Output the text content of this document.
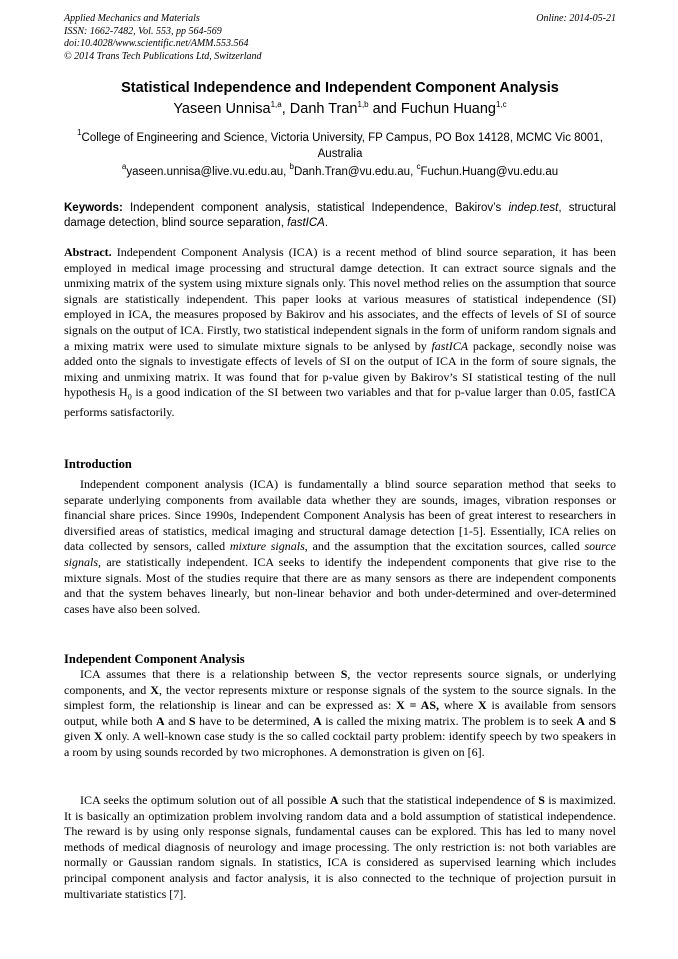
Applied Mechanics and Materials
ISSN: 1662-7482, Vol. 553, pp 564-569
doi:10.4028/www.scientific.net/AMM.553.564
© 2014 Trans Tech Publications Ltd, Switzerland
Online: 2014-05-21
Statistical Independence and Independent Component Analysis
Yaseen Unnisa$^{1,a}$, Danh Tran$^{1,b}$ and Fuchun Huang$^{1,c}$
$^1$College of Engineering and Science, Victoria University, FP Campus, PO Box 14128, MCMC Vic 8001, Australia
$^a$yaseen.unnisa@live.vu.edu.au, $^b$Danh.Tran@vu.edu.au, $^c$Fuchun.Huang@vu.edu.au
Keywords: Independent component analysis, statistical Independence, Bakirov’s indep.test, structural damage detection, blind source separation, fastICA.

Abstract. Independent Component Analysis (ICA) is a recent method of blind source separation, it has been employed in medical image processing and structural damge detection. It can extract source signals and the unmixing matrix of the system using mixture signals only. This novel method relies on the assumption that source signals are statistically independent. This paper looks at various measures of statistical independence (SI) employed in ICA, the measures proposed by Bakirov and his associates, and the effects of levels of SI of source signals on the output of ICA. Firstly, two statistical independent signals in the form of uniform random signals and a mixing matrix were used to simulate mixture signals to be anlysed by fastICA package, secondly noise was added onto the signals to investigate effects of levels of SI on the output of ICA in the form of soure signals, the mixing and unmixing matrix. It was found that for p-value given by Bakirov’s SI statistical testing of the null hypothesis $H_0$ is a good indication of the SI between two variables and that for p-value larger than 0.05, fastICA performs satisfactorily.

Introduction

Independent component analysis (ICA) is fundamentally a blind source separation method that seeks to separate underlying components from available data whether they are sounds, images, vibration responses or financial share prices. Since 1990s, Independent Component Analysis has been of great interest to researchers in diversified areas of statistics, medical imaging and structural damage detection [1-5]. Essentially, ICA relies on data collected by sensors, called mixture signals, and the assumption that the excitation sources, called source signals, are statistically independent. ICA seeks to identify the independent components that give rise to the mixture signals. Most of the studies require that there are as many sensors as there are independent components and that the system behaves linearly, but non-linear behavior and both under-determined and over-determined cases have also been solved.

Independent Component Analysis

ICA assumes that there is a relationship between S, the vector represents source signals, or underlying components, and X, the vector represents mixture or response signals of the system to the source signals. In the simplest form, the relationship is linear and can be expressed as: X = AS, where X is available from sensors output, while both A and S have to be determined, A is called the mixing matrix. The problem is to seek A and S given X only. A well-known case study is the so called cocktail party problem: identify speech by two speakers in a room by using sounds recorded by two microphones. A demonstration is given on [6].

ICA seeks the optimum solution out of all possible A such that the statistical independence of S is maximized. It is basically an optimization problem involving random data and a bold assumption of statistical independence. The reward is by using only response signals, fundamental causes can be explored. This has led to many novel methods of medical diagnosis of neurology and image processing. The only restriction is: not both variables are normally or Gaussian random signals. In statistics, ICA is considered as supervised learning which includes principal component analysis and factor analysis, it is also connected to the technique of projection pursuit in multivariate statistics [7].
